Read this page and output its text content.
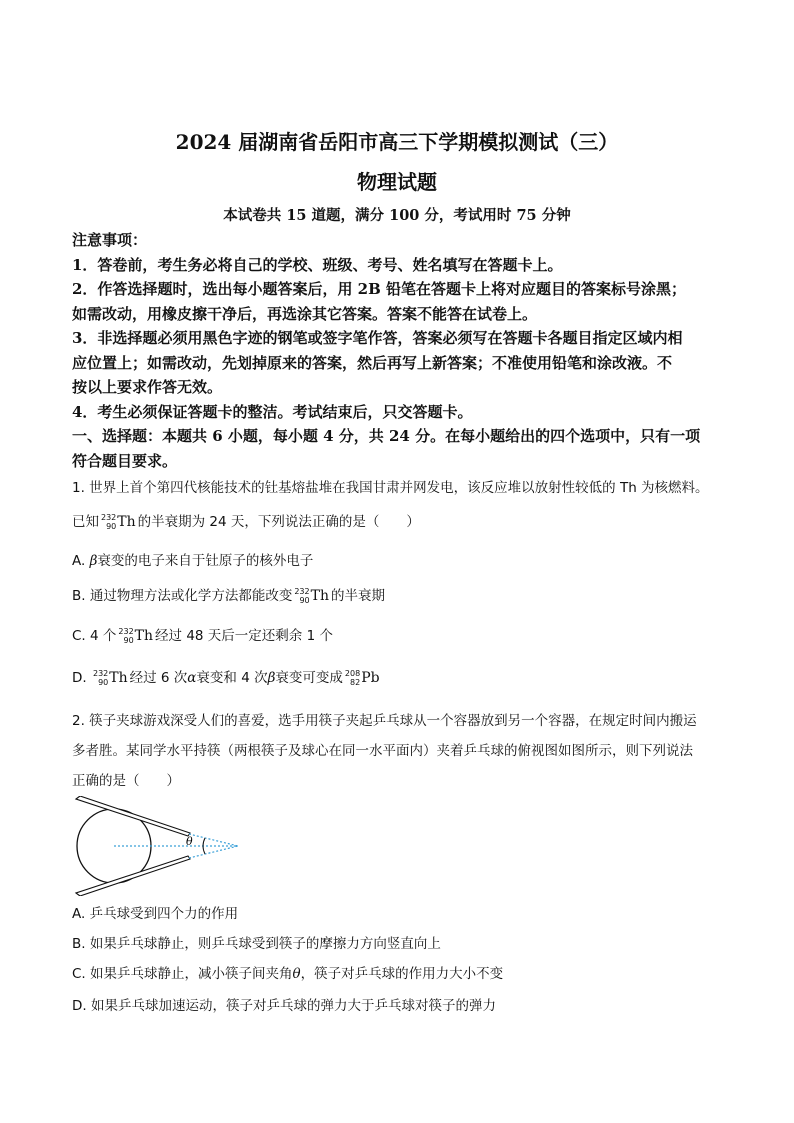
2024 届湖南省岳阳市高三下学期模拟测试（三）
物理试题
本试卷共 15 道题，满分 100 分，考试用时 75 分钟
注意事项：
1．答卷前，考生务必将自己的学校、班级、考号、姓名填写在答题卡上。
2．作答选择题时，选出每小题答案后，用 2B 铅笔在答题卡上将对应题目的答案标号涂黑；
如需改动，用橡皮擦干净后，再选涂其它答案。答案不能答在试卷上。
3．非选择题必须用黑色字迹的钢笔或签字笔作答，答案必须写在答题卡各题目指定区域内相
应位置上；如需改动，先划掉原来的答案，然后再写上新答案；不准使用铅笔和涂改液。不
按以上要求作答无效。
4．考生必须保证答题卡的整洁。考试结束后，只交答题卡。
一、选择题：本题共 6 小题，每小题 4 分，共 24 分。在每小题给出的四个选项中，只有一项
符合题目要求。
1. 世界上首个第四代核能技术的钍基熔盐堆在我国甘肃并网发电，该反应堆以放射性较低的 Th 为核燃料。
已知 232
90Th 的半衰期为 24 天，下列说法正确的是（　　）
A. β衰变的电子来自于钍原子的核外电子
B. 通过物理方法或化学方法都能改变 232
90Th 的半衰期
C. 4 个 232
90Th 经过 48 天后一定还剩余 1 个
D. 232
90Th 经过 6 次α衰变和 4 次β衰变可变成 208
82Pb
2. 筷子夹球游戏深受人们的喜爱，选手用筷子夹起乒乓球从一个容器放到另一个容器，在规定时间内搬运
多者胜。某同学水平持筷（两根筷子及球心在同一水平面内）夹着乒乓球的俯视图如图所示，则下列说法
正确的是（　　）
θ
A. 乒乓球受到四个力的作用
B. 如果乒乓球静止，则乒乓球受到筷子的摩擦力方向竖直向上
C. 如果乒乓球静止，减小筷子间夹角θ，筷子对乒乓球的作用力大小不变
D. 如果乒乓球加速运动，筷子对乒乓球的弹力大于乒乓球对筷子的弹力
